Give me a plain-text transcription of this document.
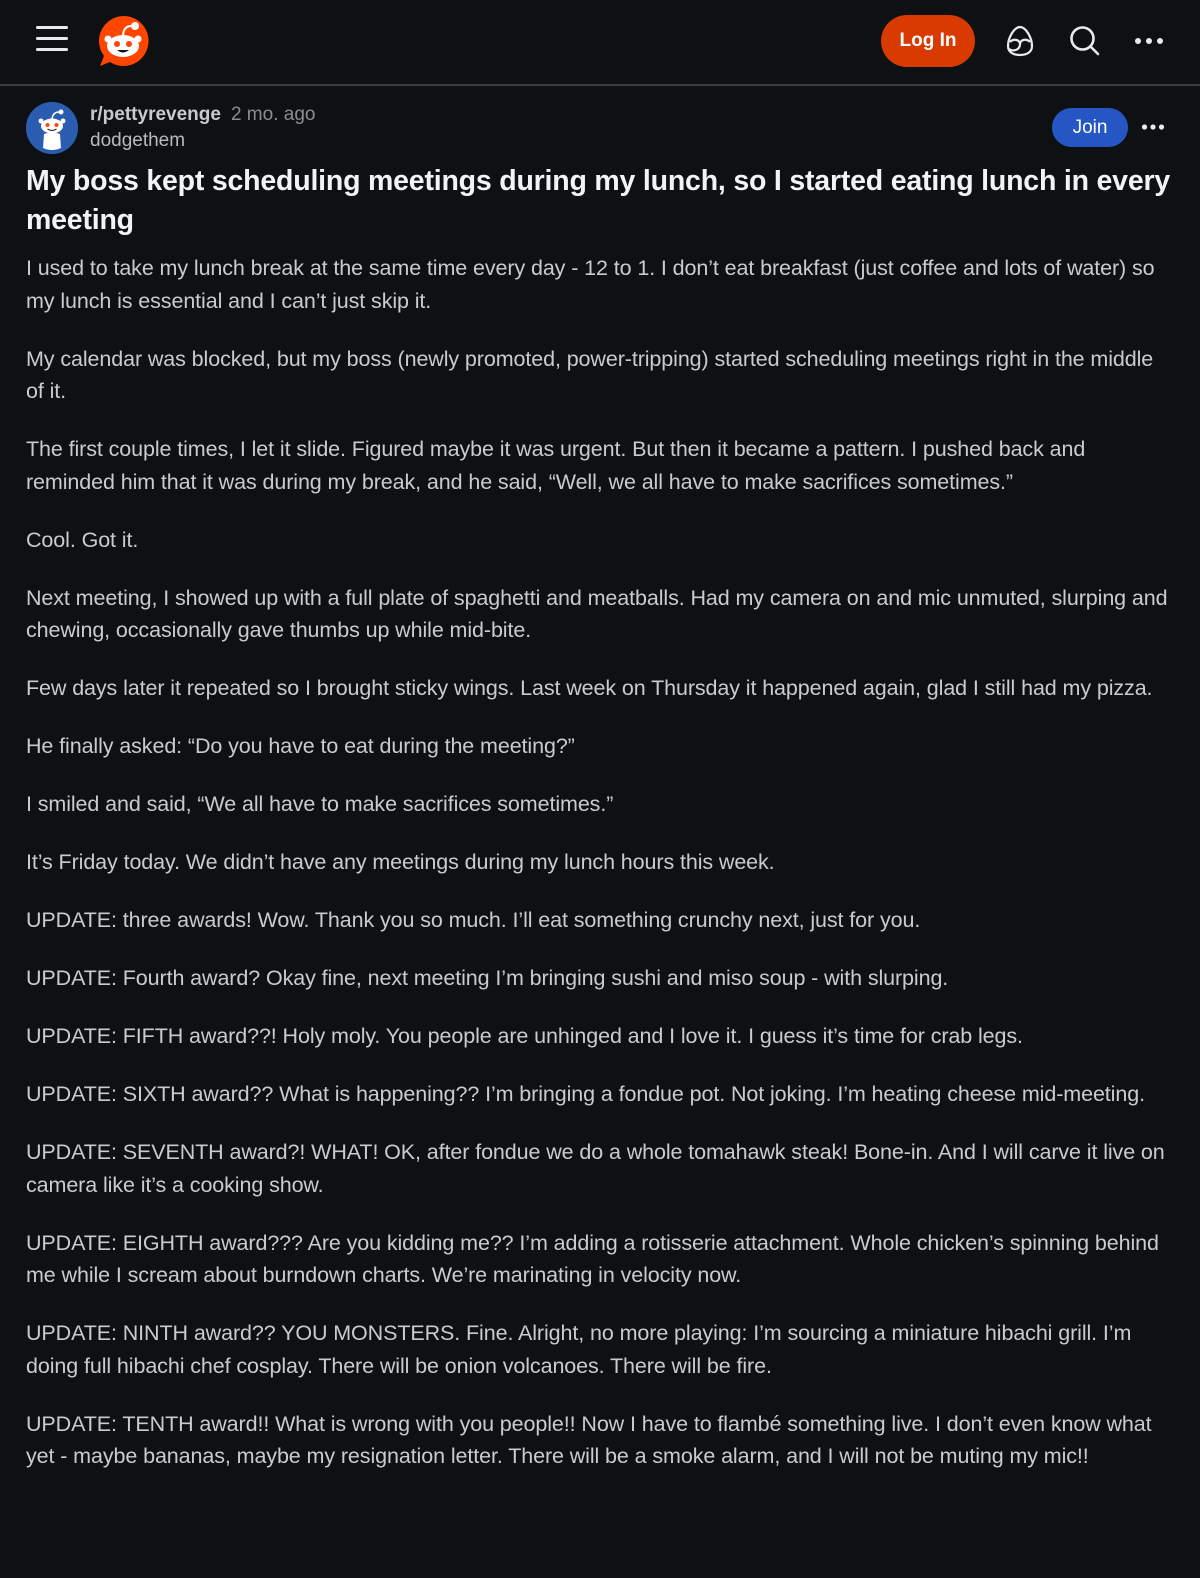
Log In
r/pettyrevenge 2 mo. ago
dodgethem
Join
My boss kept scheduling meetings during my lunch, so I started eating lunch in every meeting

I used to take my lunch break at the same time every day - 12 to 1. I don’t eat breakfast (just coffee and lots of water) so my lunch is essential and I can’t just skip it.

My calendar was blocked, but my boss (newly promoted, power-tripping) started scheduling meetings right in the middle of it.

The first couple times, I let it slide. Figured maybe it was urgent. But then it became a pattern. I pushed back and reminded him that it was during my break, and he said, “Well, we all have to make sacrifices sometimes.”

Cool. Got it.

Next meeting, I showed up with a full plate of spaghetti and meatballs. Had my camera on and mic unmuted, slurping and chewing, occasionally gave thumbs up while mid-bite.

Few days later it repeated so I brought sticky wings. Last week on Thursday it happened again, glad I still had my pizza.

He finally asked: “Do you have to eat during the meeting?”

I smiled and said, “We all have to make sacrifices sometimes.”

It’s Friday today. We didn’t have any meetings during my lunch hours this week.

UPDATE: three awards! Wow. Thank you so much. I’ll eat something crunchy next, just for you.

UPDATE: Fourth award? Okay fine, next meeting I’m bringing sushi and miso soup - with slurping.

UPDATE: FIFTH award??! Holy moly. You people are unhinged and I love it. I guess it’s time for crab legs.

UPDATE: SIXTH award?? What is happening?? I’m bringing a fondue pot. Not joking. I’m heating cheese mid-meeting.

UPDATE: SEVENTH award?! WHAT! OK, after fondue we do a whole tomahawk steak! Bone-in. And I will carve it live on camera like it’s a cooking show.

UPDATE: EIGHTH award??? Are you kidding me?? I’m adding a rotisserie attachment. Whole chicken’s spinning behind me while I scream about burndown charts. We’re marinating in velocity now.

UPDATE: NINTH award?? YOU MONSTERS. Fine. Alright, no more playing: I’m sourcing a miniature hibachi grill. I’m doing full hibachi chef cosplay. There will be onion volcanoes. There will be fire.

UPDATE: TENTH award!! What is wrong with you people!! Now I have to flambé something live. I don’t even know what yet - maybe bananas, maybe my resignation letter. There will be a smoke alarm, and I will not be muting my mic!!
